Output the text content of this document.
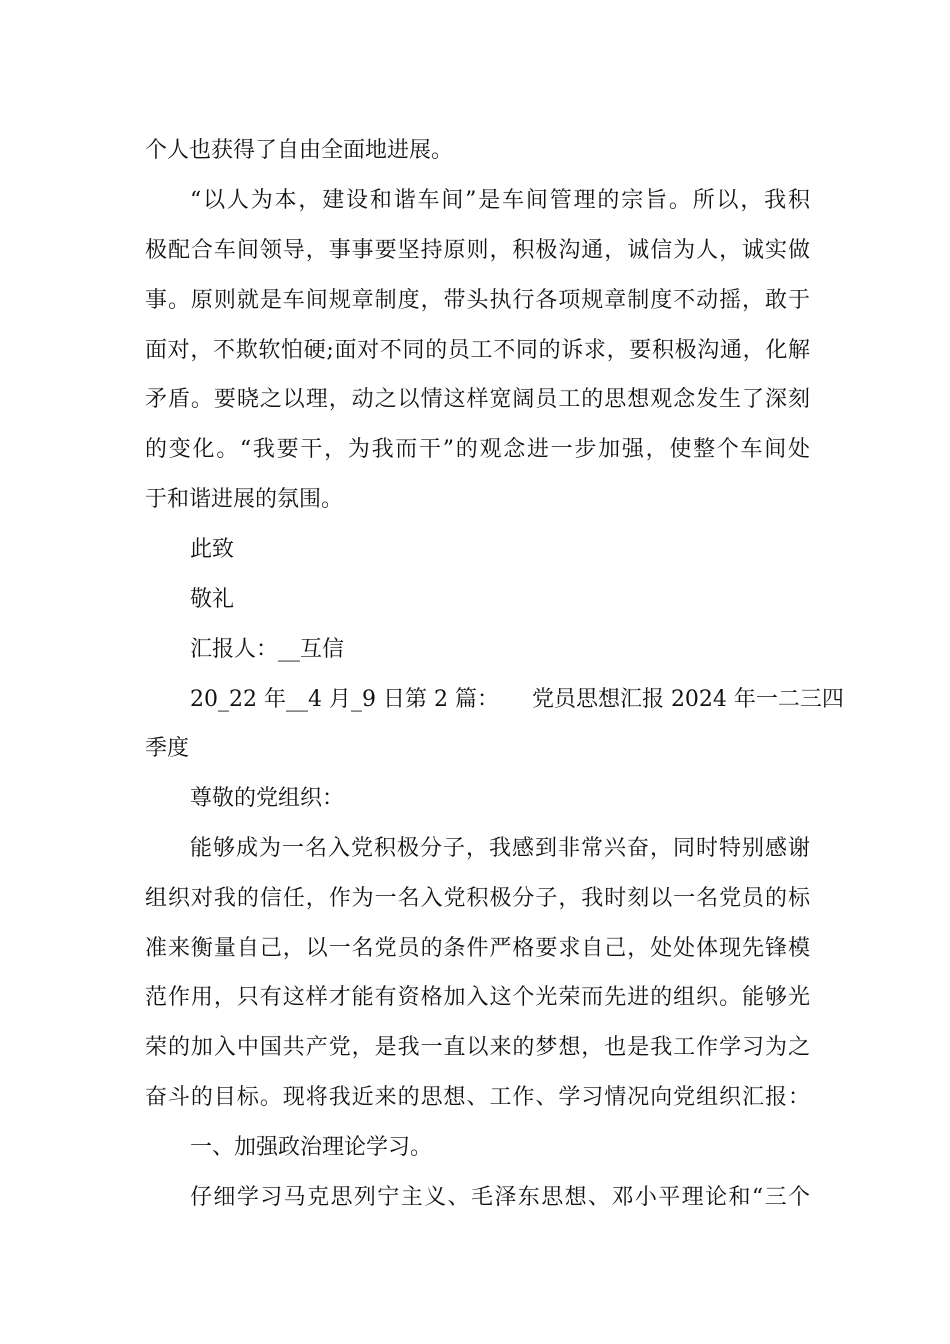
个人也获得了自由全面地进展。
“以人为本，建设和谐车间”是车间管理的宗旨。所以，我积
极配合车间领导，事事要坚持原则，积极沟通，诚信为人，诚实做
事。原则就是车间规章制度，带头执行各项规章制度不动摇，敢于
面对，不欺软怕硬;面对不同的员工不同的诉求，要积极沟通，化解
矛盾。要晓之以理，动之以情这样宽阔员工的思想观念发生了深刻
的变化。“我要干，为我而干”的观念进一步加强，使整个车间处
于和谐进展的氛围。
此致
敬礼
汇报人：__互信
20_22 年__4 月_9 日第 2 篇：　　党员思想汇报 2024 年一二三四
季度
尊敬的党组织：
能够成为一名入党积极分子，我感到非常兴奋，同时特别感谢
组织对我的信任，作为一名入党积极分子，我时刻以一名党员的标
准来衡量自己，以一名党员的条件严格要求自己，处处体现先锋模
范作用，只有这样才能有资格加入这个光荣而先进的组织。能够光
荣的加入中国共产党，是我一直以来的梦想，也是我工作学习为之
奋斗的目标。现将我近来的思想、工作、学习情况向党组织汇报：
一、加强政治理论学习。
仔细学习马克思列宁主义、毛泽东思想、邓小平理论和“三个
